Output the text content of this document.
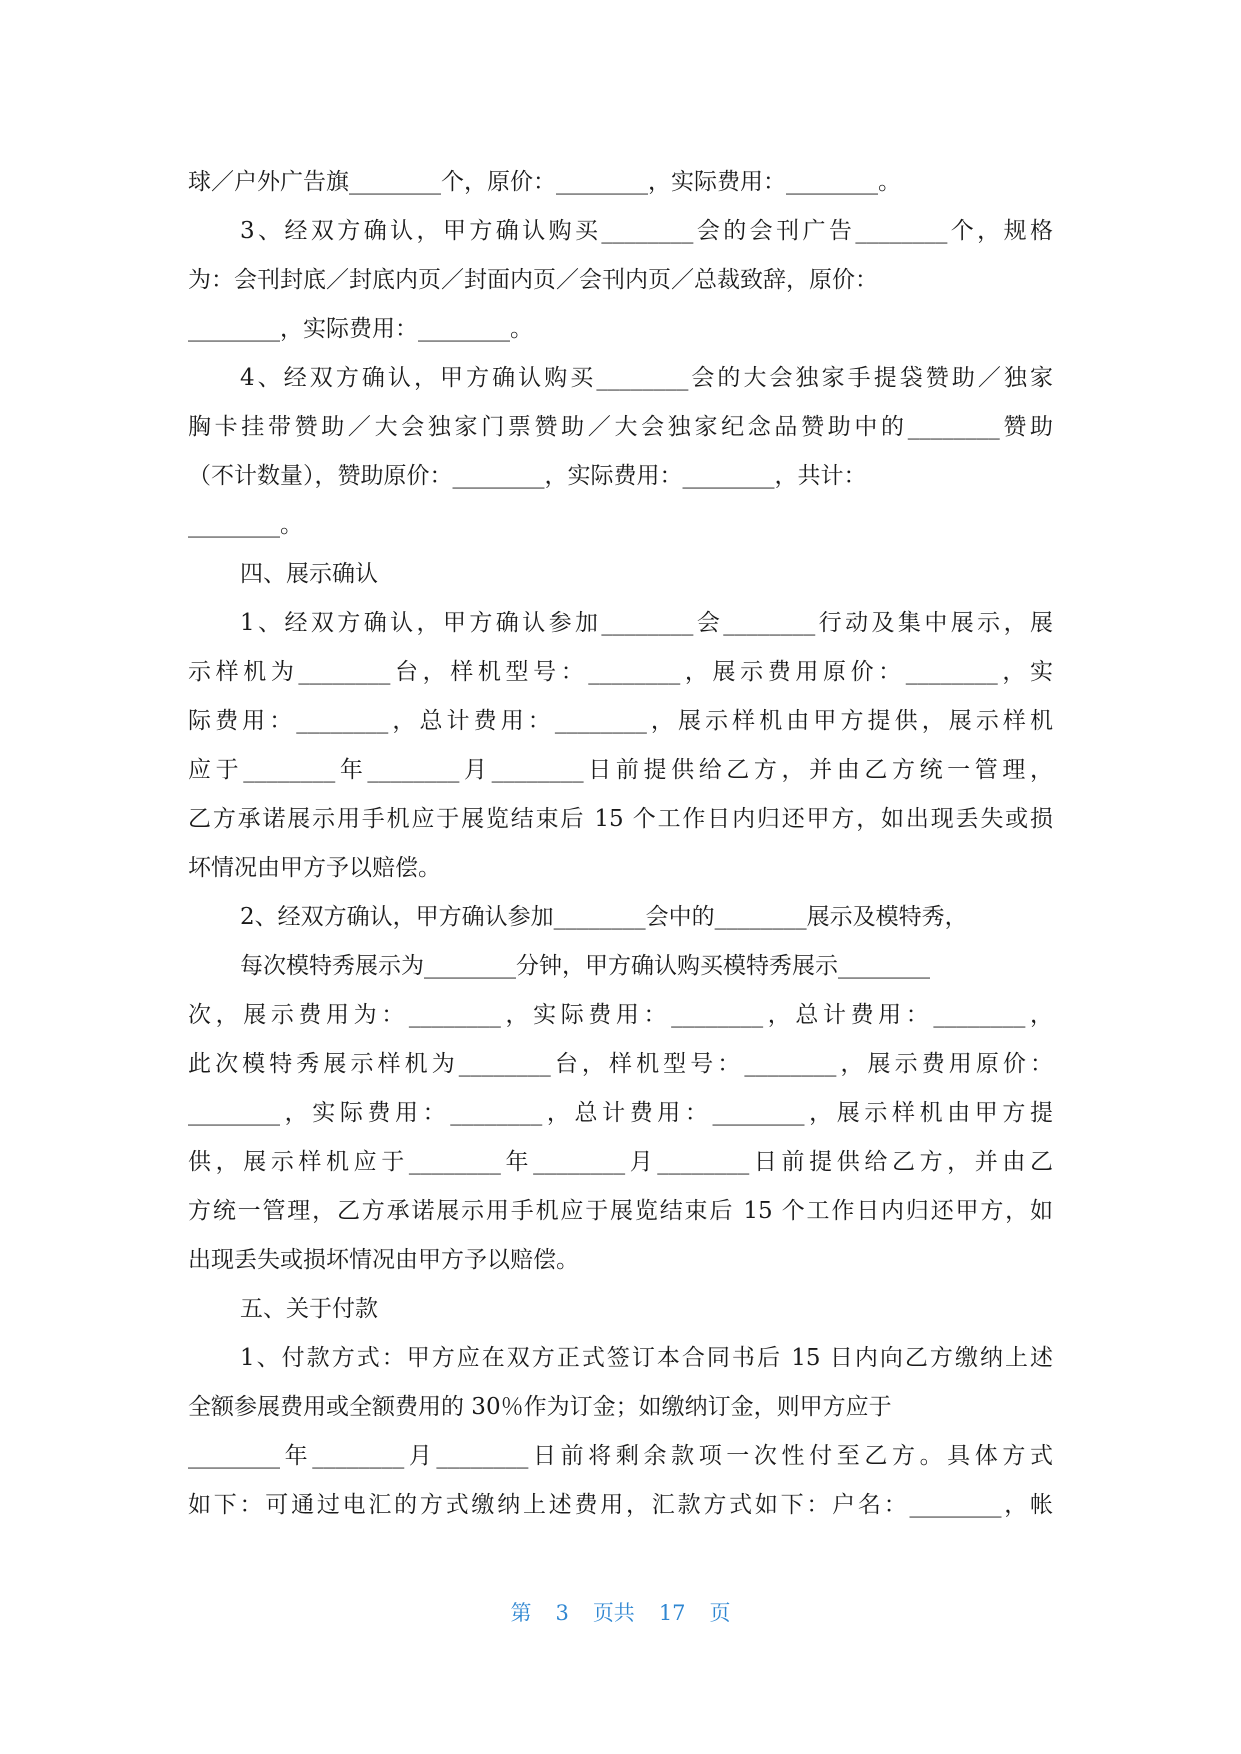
球／户外广告旗________个，原价：________，实际费用：________。
3、经双方确认，甲方确认购买________会的会刊广告________个，规格
为：会刊封底／封底内页／封面内页／会刊内页／总裁致辞，原价：
________，实际费用：________。
4、经双方确认，甲方确认购买________会的大会独家手提袋赞助／独家
胸卡挂带赞助／大会独家门票赞助／大会独家纪念品赞助中的________赞助
（不计数量），赞助原价：________，实际费用：________，共计：
________。
四、展示确认
1、经双方确认，甲方确认参加________会________行动及集中展示，展
示样机为________台，样机型号：________，展示费用原价：________，实
际费用：________，总计费用：________，展示样机由甲方提供，展示样机
应于________年________月________日前提供给乙方，并由乙方统一管理，
乙方承诺展示用手机应于展览结束后 15 个工作日内归还甲方，如出现丢失或损
坏情况由甲方予以赔偿。
2、经双方确认，甲方确认参加________会中的________展示及模特秀，
每次模特秀展示为________分钟，甲方确认购买模特秀展示________
次，展示费用为：________，实际费用：________，总计费用：________，
此次模特秀展示样机为________台，样机型号：________，展示费用原价：
________，实际费用：________，总计费用：________，展示样机由甲方提
供，展示样机应于________年________月________日前提供给乙方，并由乙
方统一管理，乙方承诺展示用手机应于展览结束后 15 个工作日内归还甲方，如
出现丢失或损坏情况由甲方予以赔偿。
五、关于付款
1、付款方式：甲方应在双方正式签订本合同书后 15 日内向乙方缴纳上述
全额参展费用或全额费用的 30％作为订金；如缴纳订金，则甲方应于
________年________月________日前将剩余款项一次性付至乙方。具体方式
如下：可通过电汇的方式缴纳上述费用，汇款方式如下：户名：________，帐
第 3 页共 17 页
